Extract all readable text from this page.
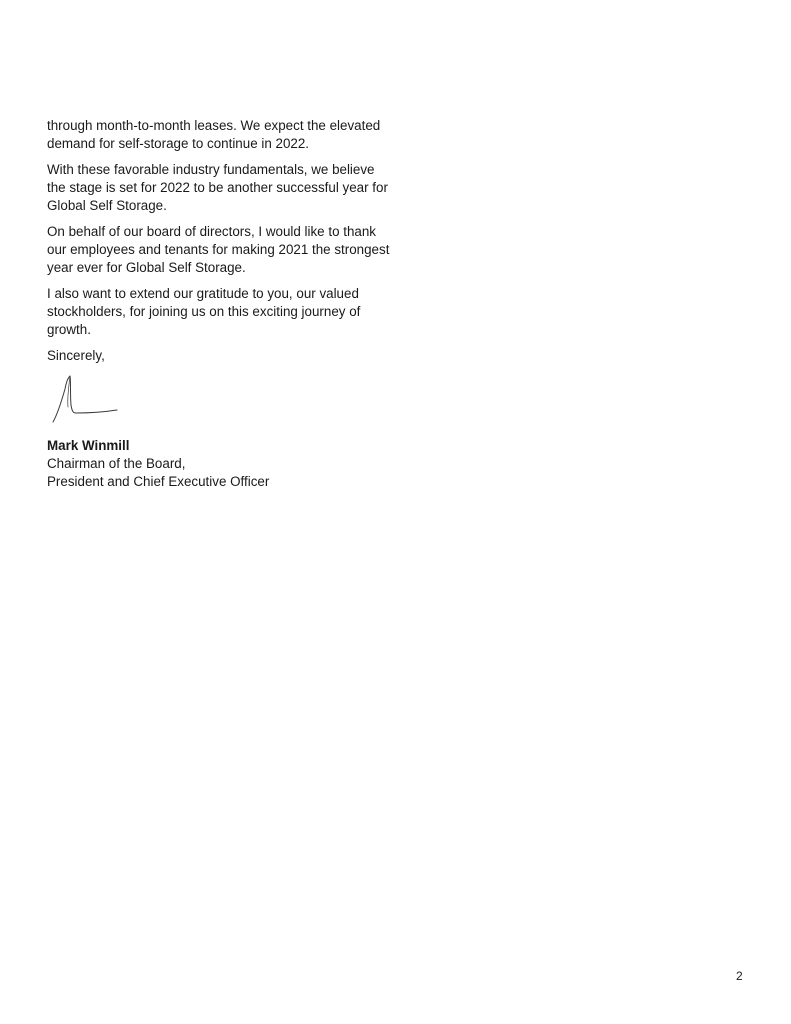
through month-to-month leases. We expect the elevated demand for self-storage to continue in 2022.

With these favorable industry fundamentals, we believe the stage is set for 2022 to be another successful year for Global Self Storage.

On behalf of our board of directors, I would like to thank our employees and tenants for making 2021 the strongest year ever for Global Self Storage.

I also want to extend our gratitude to you, our valued stockholders, for joining us on this exciting journey of growth.

Sincerely,

Mark Winmill

Chairman of the Board,

President and Chief Executive Officer

2
